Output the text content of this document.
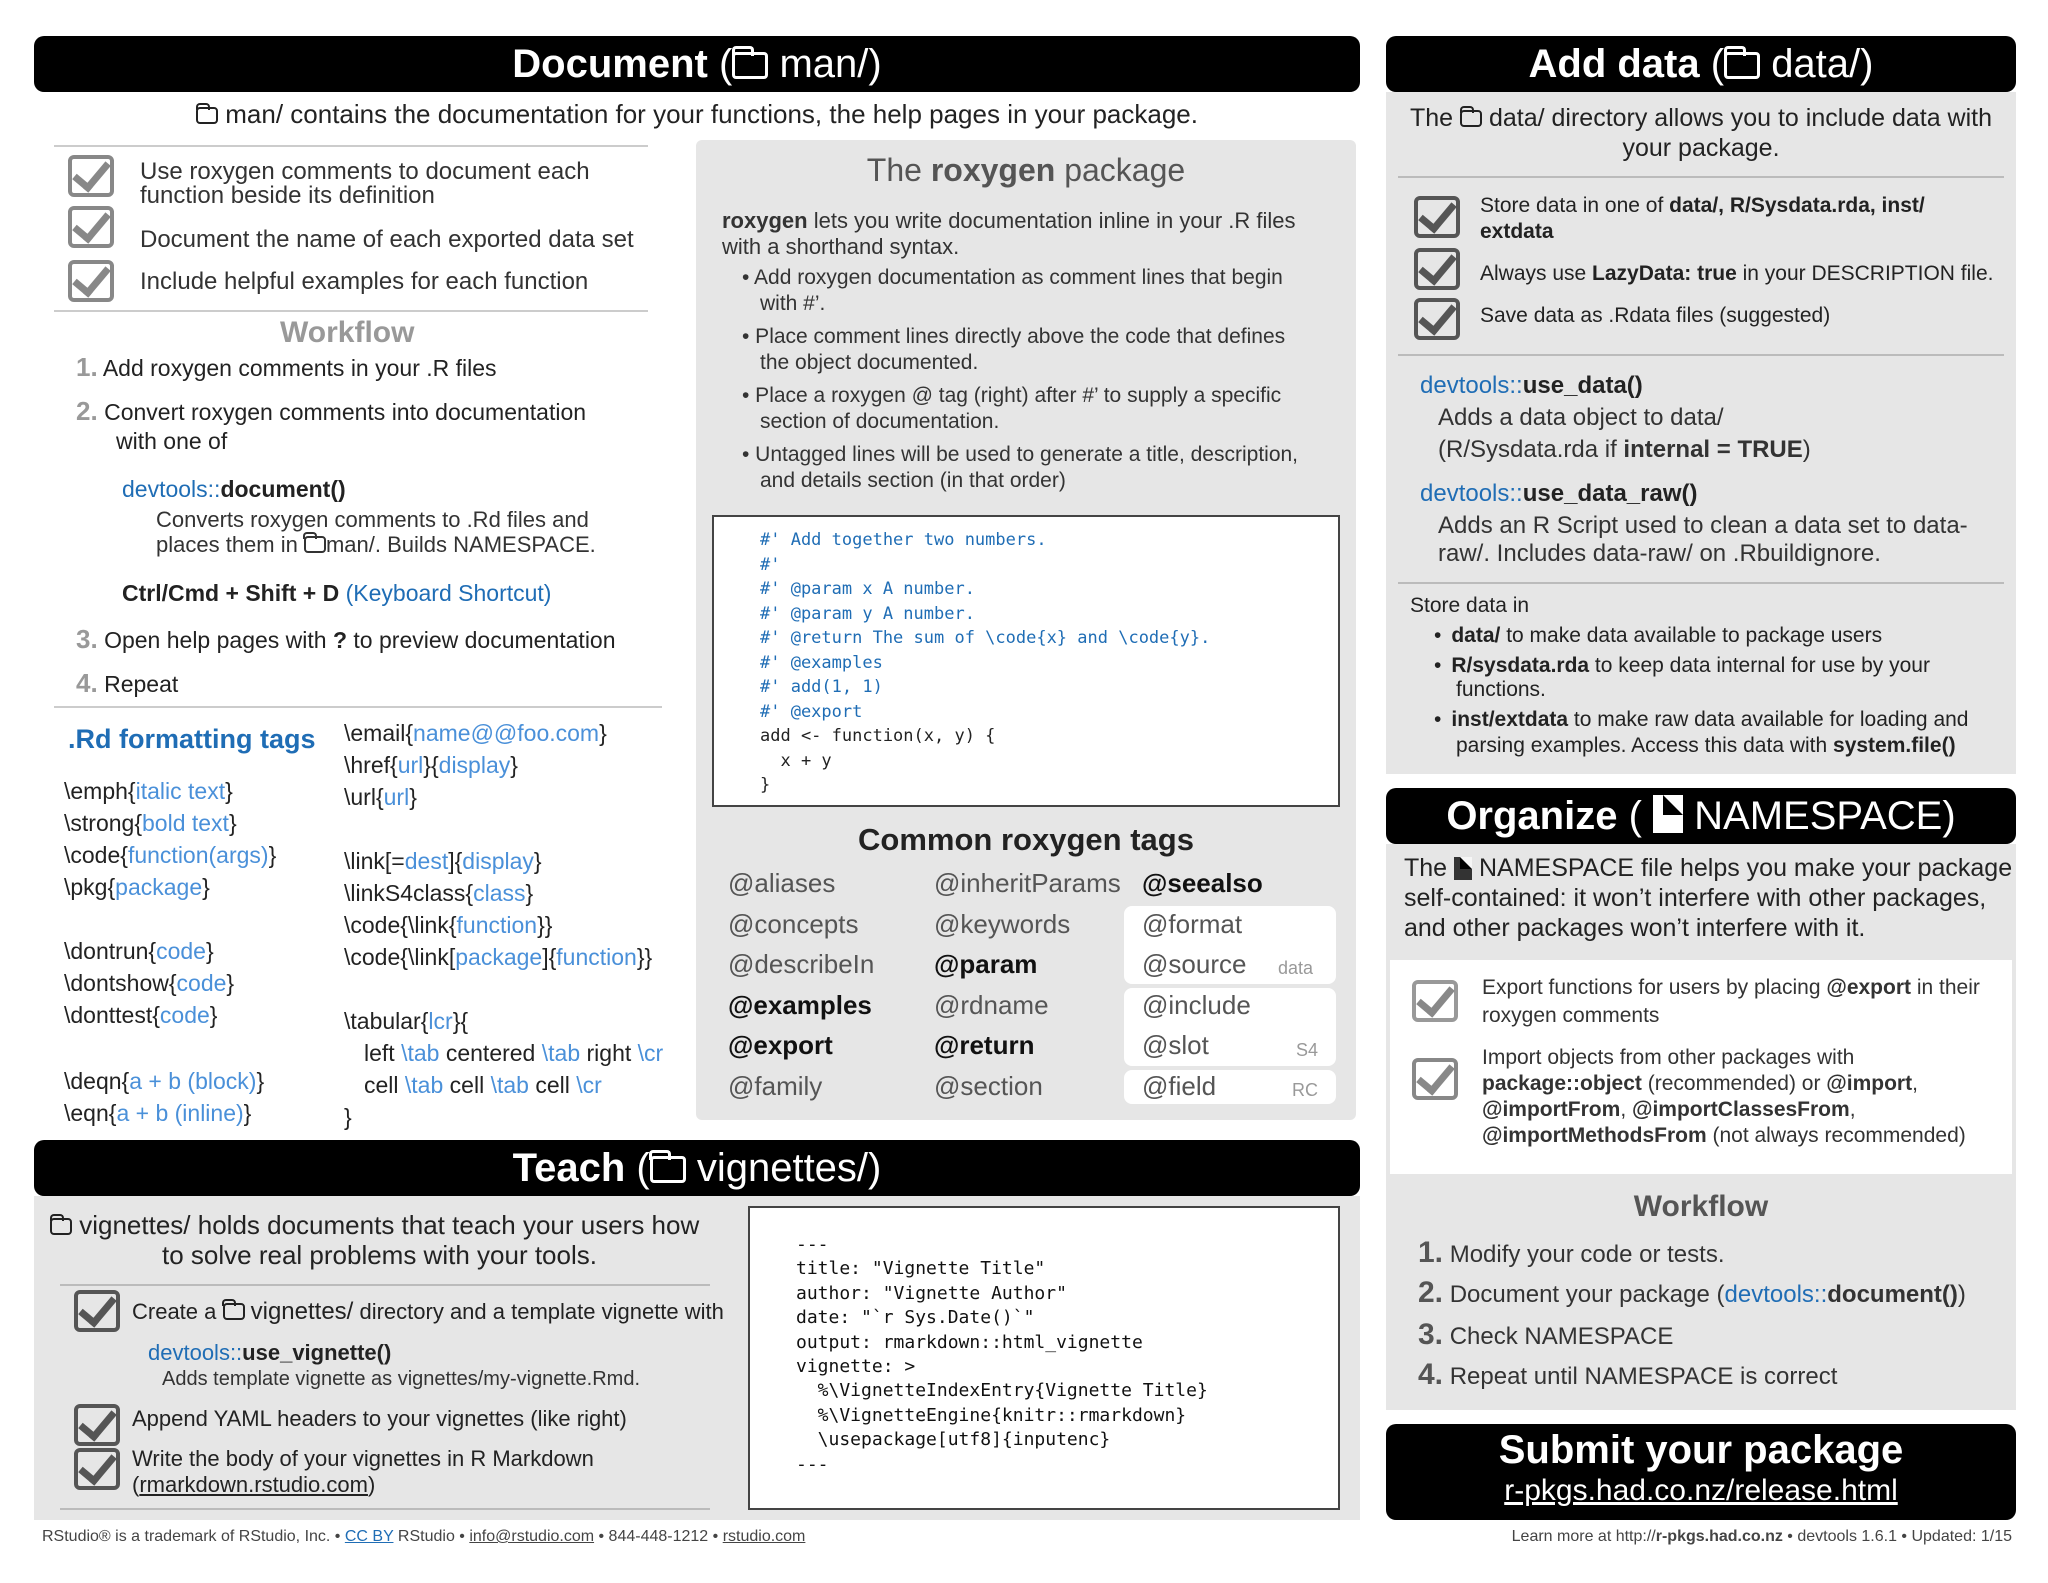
Document ( man/)
man/ contains the documentation for your functions, the help pages in your package.
Use roxygen comments to document each
function beside its definition
Document the name of each exported data set
Include helpful examples for each function
Workflow
1. Add roxygen comments in your .R files
2. Convert roxygen comments into documentation
with one of
devtools::document()
Converts roxygen comments to .Rd files and
places them in man/. Builds NAMESPACE.
Ctrl/Cmd + Shift + D (Keyboard Shortcut)
3. Open help pages with ? to preview documentation
4. Repeat
.Rd formatting tags
\emph{italic text}
\strong{bold text}
\code{function(args)}
\pkg{package}
\dontrun{code}
\dontshow{code}
\donttest{code}
\deqn{a + b (block)}
\eqn{a + b (inline)}
\email{name@@foo.com}
\href{url}{display}
\url{url}
\link[=dest]{display}
\linkS4class{class}
\code{\link{function}}
\code{\link[package]{function}}
\tabular{lcr}{
left \tab centered \tab right \cr
cell \tab cell \tab cell \cr
}
The roxygen package
roxygen lets you write documentation inline in your .R files
with a shorthand syntax.
• Add roxygen documentation as comment lines that begin
with #’.
• Place comment lines directly above the code that defines
the object documented.
• Place a roxygen @ tag (right) after #’ to supply a specific
section of documentation.
• Untagged lines will be used to generate a title, description,
and details section (in that order)
#' Add together two numbers.
#'
#' @param x A number.
#' @param y A number.
#' @return The sum of \code{x} and \code{y}.
#' @examples
#' add(1, 1)
#' @export
add <- function(x, y) {
x + y
}
Common roxygen tags
@aliases
@concepts
@describeIn
@examples
@export
@family
@inheritParams
@keywords
@param
@rdname
@return
@section
@seealso
@format
@source
@include
@slot
@field
data
S4
RC
Teach ( vignettes/)
vignettes/ holds documents that teach your users how
to solve real problems with your tools.
Create a  vignettes/ directory and a template vignette with
devtools::use_vignette()
Adds template vignette as vignettes/my-vignette.Rmd.
Append YAML headers to your vignettes (like right)
Write the body of your vignettes in R Markdown
(rmarkdown.rstudio.com)
---
title: "Vignette Title"
author: "Vignette Author"
date: "`r Sys.Date()`"
output: rmarkdown::html_vignette
vignette: >
%\VignetteIndexEntry{Vignette Title}
%\VignetteEngine{knitr::rmarkdown}
\usepackage[utf8]{inputenc}
---
Add data ( data/)
The  data/ directory allows you to include data with
your package.
Store data in one of data/, R/Sysdata.rda, inst/
extdata
Always use LazyData: true in your DESCRIPTION file.
Save data as .Rdata files (suggested)
devtools::use_data()
Adds a data object to data/
(R/Sysdata.rda if internal = TRUE)
devtools::use_data_raw()
Adds an R Script used to clean a data set to data-
raw/. Includes data-raw/ on .Rbuildignore.
Store data in
• data/ to make data available to package users
• R/sysdata.rda to keep data internal for use by your
functions.
• inst/extdata to make raw data available for loading and
parsing examples. Access this data with system.file()
Organize ( NAMESPACE)
The  NAMESPACE file helps you make your package
self-contained: it won’t interfere with other packages,
and other packages won’t interfere with it.
Export functions for users by placing @export in their
roxygen comments
Import objects from other packages with
package::object (recommended) or @import,
@importFrom, @importClassesFrom,
@importMethodsFrom (not always recommended)
Workflow
1. Modify your code or tests.
2. Document your package (devtools::document())
3. Check NAMESPACE
4. Repeat until NAMESPACE is correct
Submit your package
r-pkgs.had.co.nz/release.html
RStudio® is a trademark of RStudio, Inc. • CC BY RStudio • info@rstudio.com • 844-448-1212 • rstudio.com	Learn more at http://r-pkgs.had.co.nz • devtools 1.6.1 • Updated: 1/15
